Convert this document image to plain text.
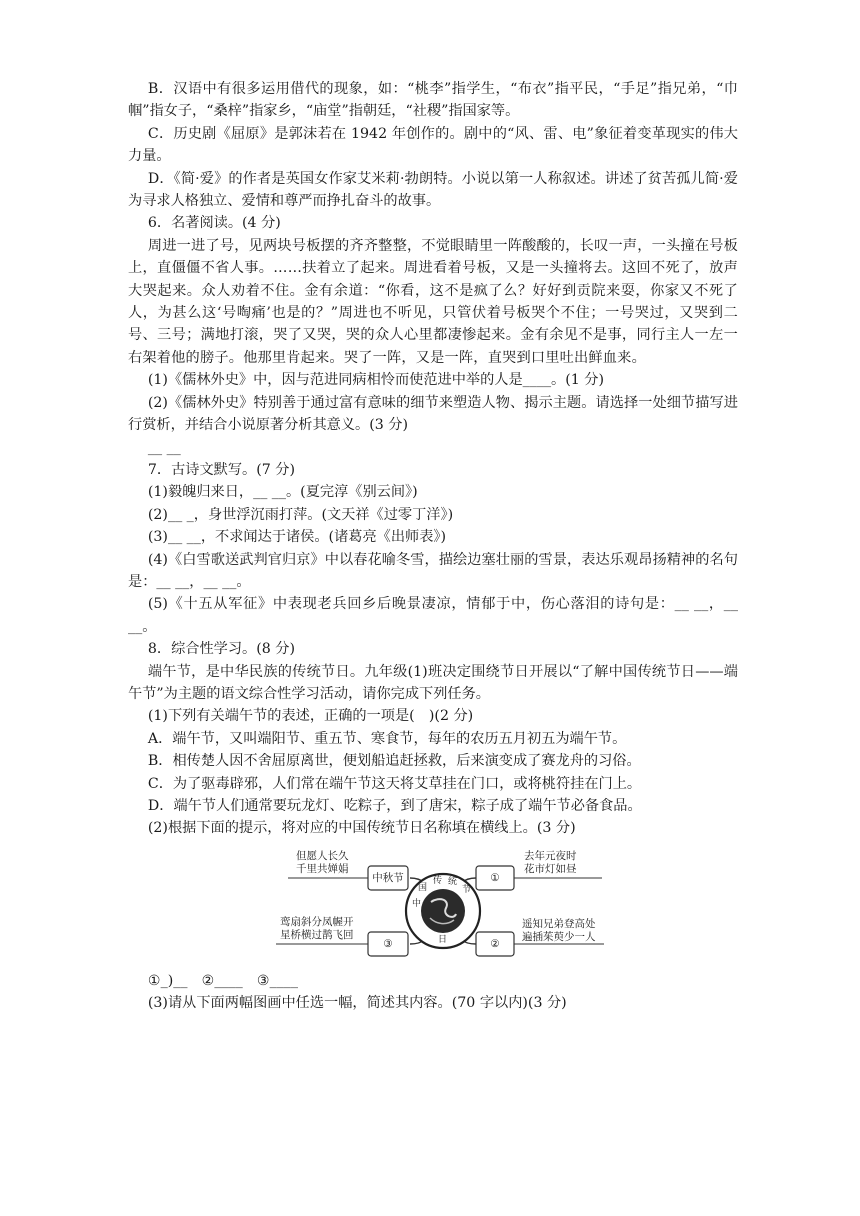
B．汉语中有很多运用借代的现象，如：“桃李”指学生，“布衣”指平民，“手足”指兄弟，“巾帼”指女子，“桑梓”指家乡，“庙堂”指朝廷，“社稷”指国家等。

C．历史剧《屈原》是郭沫若在 1942 年创作的。剧中的“风、雷、电”象征着变革现实的伟大力量。

D．《简·爱》的作者是英国女作家艾米莉·勃朗特。小说以第一人称叙述。讲述了贫苦孤儿简·爱为寻求人格独立、爱情和尊严而挣扎奋斗的故事。

6．名著阅读。(4 分)

周进一进了号，见两块号板摆的齐齐整整，不觉眼睛里一阵酸酸的，长叹一声，一头撞在号板上，直僵僵不省人事。……扶着立了起来。周进看着号板，又是一头撞将去。这回不死了，放声大哭起来。众人劝着不住。金有余道：“你看，这不是疯了么？好好到贡院来耍，你家又不死了人，为甚么这‘号啕痛’也是的？”周进也不听见，只管伏着号板哭个不住；一号哭过，又哭到二号、三号；满地打滚，哭了又哭，哭的众人心里都凄惨起来。金有余见不是事，同行主人一左一右架着他的膀子。他那里肯起来。哭了一阵，又是一阵，直哭到口里吐出鲜血来。

(1)《儒林外史》中，因与范进同病相怜而使范进中举的人是____。(1 分)

(2)《儒林外史》特别善于通过富有意味的细节来塑造人物、揭示主题。请选择一处细节描写进行赏析，并结合小说原著分析其意义。(3 分)

__ __

7．古诗文默写。(7 分)

(1)毅魄归来日，__ __。(夏完淳《别云间》)

(2)__ _，身世浮沉雨打萍。(文天祥《过零丁洋》)

(3)__ __，不求闻达于诸侯。(诸葛亮《出师表》)

(4)《白雪歌送武判官归京》中以春花喻冬雪，描绘边塞壮丽的雪景，表达乐观昂扬精神的名句是：__ __，__ __。

(5)《十五从军征》中表现老兵回乡后晚景凄凉，情郁于中，伤心落泪的诗句是：__ __，__ __。

8．综合性学习。(8 分)

端午节，是中华民族的传统节日。九年级(1)班决定围绕节日开展以“了解中国传统节日——端午节”为主题的语文综合性学习活动，请你完成下列任务。

(1)下列有关端午节的表述，正确的一项是(　)(2 分)

A．端午节，又叫端阳节、重五节、寒食节，每年的农历五月初五为端午节。

B．相传楚人因不舍屈原离世，便划船追赶拯救，后来演变成了赛龙舟的习俗。

C．为了驱毒辟邪，人们常在端午节这天将艾草挂在门口，或将桃符挂在门上。

D．端午节人们通常要玩龙灯、吃粽子，到了唐宋，粽子成了端午节必备食品。

(2)根据下面的提示，将对应的中国传统节日名称填在横线上。(3 分)

但愿人长久
千里共婵娟
中秋节	①
去年元夜时
花市灯如昼
鸾扇斜分凤幄开
星桥横过鹊飞回
③	②
遥知兄弟登高处
遍插茱萸少一人
中
国
传 统
节
日

①_)__　②____　③____

(3)请从下面两幅图画中任选一幅，简述其内容。(70 字以内)(3 分)
